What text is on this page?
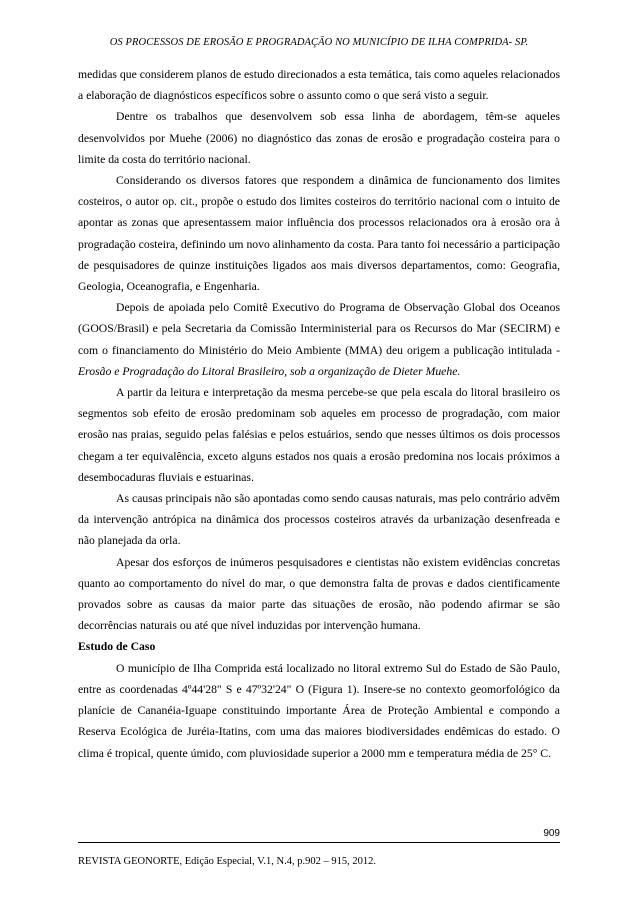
OS PROCESSOS DE EROSÃO E PROGRADAÇÃO NO MUNICÍPIO DE ILHA COMPRIDA- SP.

medidas que considerem planos de estudo direcionados a esta temática, tais como aqueles relacionados a elaboração de diagnósticos específicos sobre o assunto como o que será visto a seguir.

Dentre os trabalhos que desenvolvem sob essa linha de abordagem, têm-se aqueles desenvolvidos por Muehe (2006) no diagnóstico das zonas de erosão e progradação costeira para o limite da costa do território nacional.

Considerando os diversos fatores que respondem a dinâmica de funcionamento dos limites costeiros, o autor op. cit., propõe o estudo dos limites costeiros do território nacional com o intuito de apontar as zonas que apresentassem maior influência dos processos relacionados ora à erosão ora à progradação costeira, definindo um novo alinhamento da costa. Para tanto foi necessário a participação de pesquisadores de quinze instituições ligados aos mais diversos departamentos, como: Geografia, Geologia, Oceanografia, e Engenharia.

Depois de apoiada pelo Comitê Executivo do Programa de Observação Global dos Oceanos (GOOS/Brasil) e pela Secretaria da Comissão Interministerial para os Recursos do Mar (SECIRM) e com o financiamento do Ministério do Meio Ambiente (MMA) deu origem a publicação intitulada - Erosão e Progradação do Litoral Brasileiro, sob a organização de Dieter Muehe.

A partir da leitura e interpretação da mesma percebe-se que pela escala do litoral brasileiro os segmentos sob efeito de erosão predominam sob aqueles em processo de progradação, com maior erosão nas praias, seguido pelas falésias e pelos estuários, sendo que nesses últimos os dois processos chegam a ter equivalência, exceto alguns estados nos quais a erosão predomina nos locais próximos a desembocaduras fluviais e estuarinas.

As causas principais não são apontadas como sendo causas naturais, mas pelo contrário advêm da intervenção antrópica na dinâmica dos processos costeiros através da urbanização desenfreada e não planejada da orla.

Apesar dos esforços de inúmeros pesquisadores e cientistas não existem evidências concretas quanto ao comportamento do nível do mar, o que demonstra falta de provas e dados cientificamente provados sobre as causas da maior parte das situações de erosão, não podendo afirmar se são decorrências naturais ou até que nível induzidas por intervenção humana.

Estudo de Caso

O município de Ilha Comprida está localizado no litoral extremo Sul do Estado de São Paulo, entre as coordenadas 4º44'28" S e 47º32'24" O (Figura 1). Insere-se no contexto geomorfológico da planície de Cananéia-Iguape constituindo importante Área de Proteção Ambiental e compondo a Reserva Ecológica de Juréia-Itatins, com uma das maiores biodiversidades endêmicas do estado. O clima é tropical, quente úmido, com pluviosidade superior a 2000 mm e temperatura média de 25° C.

909
REVISTA GEONORTE, Edição Especial, V.1, N.4, p.902 – 915, 2012.
